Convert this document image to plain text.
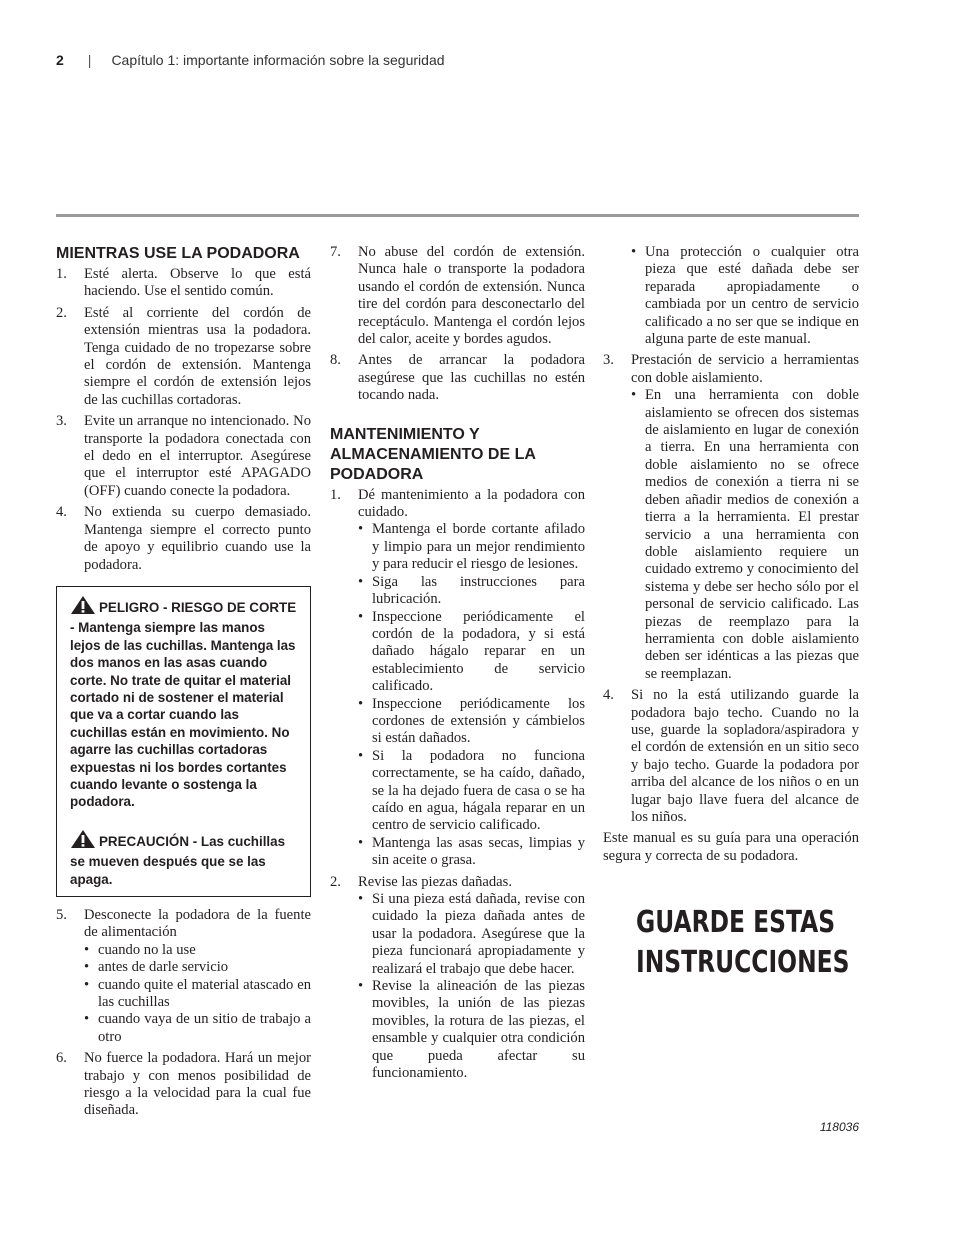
2 | Capítulo 1: importante información sobre la seguridad
MIENTRAS USE LA PODADORA
1. Esté alerta. Observe lo que está haciendo. Use el sentido común.
2. Esté al corriente del cordón de extensión mientras usa la podadora. Tenga cuidado de no tropezarse sobre el cordón de extensión. Mantenga siempre el cordón de extensión lejos de las cuchillas cortadoras.
3. Evite un arranque no intencionado. No transporte la podadora conectada con el dedo en el interruptor. Asegúrese que el interruptor esté APAGADO (OFF) cuando conecte la podadora.
4. No extienda su cuerpo demasiado. Mantenga siempre el correcto punto de apoyo y equilibrio cuando use la podadora.

PELIGRO - RIESGO DE CORTE - Mantenga siempre las manos lejos de las cuchillas. Mantenga las dos manos en las asas cuando corte. No trate de quitar el material cortado ni de sostener el material que va a cortar cuando las cuchillas están en movimiento. No agarre las cuchillas cortadoras expuestas ni los bordes cortantes cuando levante o sostenga la podadora.

PRECAUCIÓN - Las cuchillas se mueven después que se las apaga.

5. Desconecte la podadora de la fuente de alimentación
• cuando no la use
• antes de darle servicio
• cuando quite el material atascado en las cuchillas
• cuando vaya de un sitio de trabajo a otro
6. No fuerce la podadora. Hará un mejor trabajo y con menos posibilidad de riesgo a la velocidad para la cual fue diseñada.
7. No abuse del cordón de extensión. Nunca hale o transporte la podadora usando el cordón de extensión. Nunca tire del cordón para desconectarlo del receptáculo. Mantenga el cordón lejos del calor, aceite y bordes agudos.
8. Antes de arrancar la podadora asegúrese que las cuchillas no estén tocando nada.
MANTENIMIENTO Y ALMACENAMIENTO DE LA PODADORA
1. Dé mantenimiento a la podadora con cuidado.
• Mantenga el borde cortante afilado y limpio para un mejor rendimiento y para reducir el riesgo de lesiones.
• Siga las instrucciones para lubricación.
• Inspeccione periódicamente el cordón de la podadora, y si está dañado hágalo reparar en un establecimiento de servicio calificado.
• Inspeccione periódicamente los cordones de extensión y cámbielos si están dañados.
• Si la podadora no funciona correctamente, se ha caído, dañado, se la ha dejado fuera de casa o se ha caído en agua, hágala reparar en un centro de servicio calificado.
• Mantenga las asas secas, limpias y sin aceite o grasa.
2. Revise las piezas dañadas.
• Si una pieza está dañada, revise con cuidado la pieza dañada antes de usar la podadora. Asegúrese que la pieza funcionará apropiadamente y realizará el trabajo que debe hacer.
• Revise la alineación de las piezas movibles, la unión de las piezas movibles, la rotura de las piezas, el ensamble y cualquier otra condición que pueda afectar su funcionamiento.
• Una protección o cualquier otra pieza que esté dañada debe ser reparada apropiadamente o cambiada por un centro de servicio calificado a no ser que se indique en alguna parte de este manual.
3. Prestación de servicio a herramientas con doble aislamiento.
• En una herramienta con doble aislamiento se ofrecen dos sistemas de aislamiento en lugar de conexión a tierra. En una herramienta con doble aislamiento no se ofrece medios de conexión a tierra ni se deben añadir medios de conexión a tierra a la herramienta. El prestar servicio a una herramienta con doble aislamiento requiere un cuidado extremo y conocimiento del sistema y debe ser hecho sólo por el personal de servicio calificado. Las piezas de reemplazo para la herramienta con doble aislamiento deben ser idénticas a las piezas que se reemplazan.
4. Si no la está utilizando guarde la podadora bajo techo. Cuando no la use, guarde la sopladora/aspiradora y el cordón de extensión en un sitio seco y bajo techo. Guarde la podadora por arriba del alcance de los niños o en un lugar bajo llave fuera del alcance de los niños.

Este manual es su guía para una operación segura y correcta de su podadora.

GUARDE ESTAS
INSTRUCCIONES
118036
